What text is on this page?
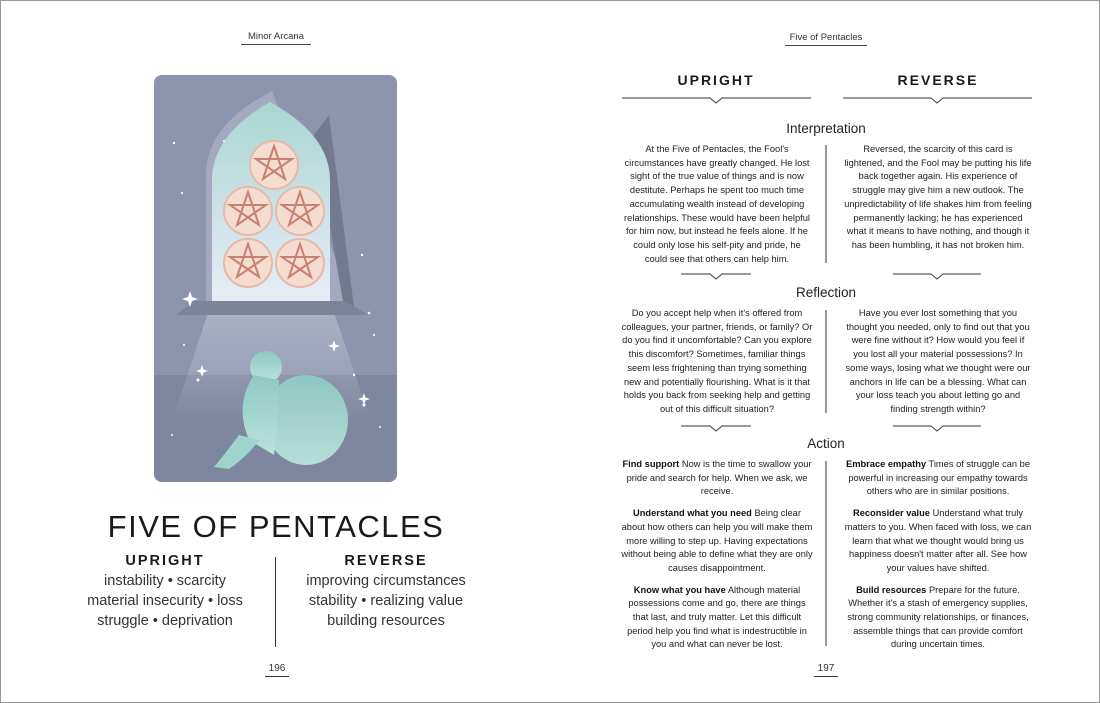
Minor Arcana
FIVE OF PENTACLES
UPRIGHT
instability • scarcity
material insecurity • loss
struggle • deprivation
REVERSE
improving circumstances
stability • realizing value
building resources
196
Five of Pentacles
UPRIGHT	REVERSE
Interpretation
At the Five of Pentacles, the Fool's circumstances have greatly changed. He lost sight of the true value of things and is now destitute. Perhaps he spent too much time accumulating wealth instead of developing relationships. These would have been helpful for him now, but instead he feels alone. If he could only lose his self-pity and pride, he could see that others can help him.
Reversed, the scarcity of this card is lightened, and the Fool may be putting his life back together again. His experience of struggle may give him a new outlook. The unpredictability of life shakes him from feeling permanently lacking; he has experienced what it means to have nothing, and though it has been humbling, it has not broken him.
Reflection
Do you accept help when it's offered from colleagues, your partner, friends, or family? Or do you find it uncomfortable? Can you explore this discomfort? Sometimes, familiar things seem less frightening than trying something new and potentially flourishing. What is it that holds you back from seeking help and getting out of this difficult situation?
Have you ever lost something that you thought you needed, only to find out that you were fine without it? How would you feel if you lost all your material possessions? In some ways, losing what we thought were our anchors in life can be a blessing. What can your loss teach you about letting go and finding strength within?
Action
Find support Now is the time to swallow your pride and search for help. When we ask, we receive.
Understand what you need Being clear about how others can help you will make them more willing to step up. Having expectations without being able to define what they are only causes disappointment.
Know what you have Although material possessions come and go, there are things that last, and truly matter. Let this difficult period help you find what is indestructible in you and what can never be lost.
Embrace empathy Times of struggle can be powerful in increasing our empathy towards others who are in similar positions.
Reconsider value Understand what truly matters to you. When faced with loss, we can learn that what we thought would bring us happiness doesn't matter after all. See how your values have shifted.
Build resources Prepare for the future. Whether it's a stash of emergency supplies, strong community relationships, or finances, assemble things that can provide comfort during uncertain times.
197
